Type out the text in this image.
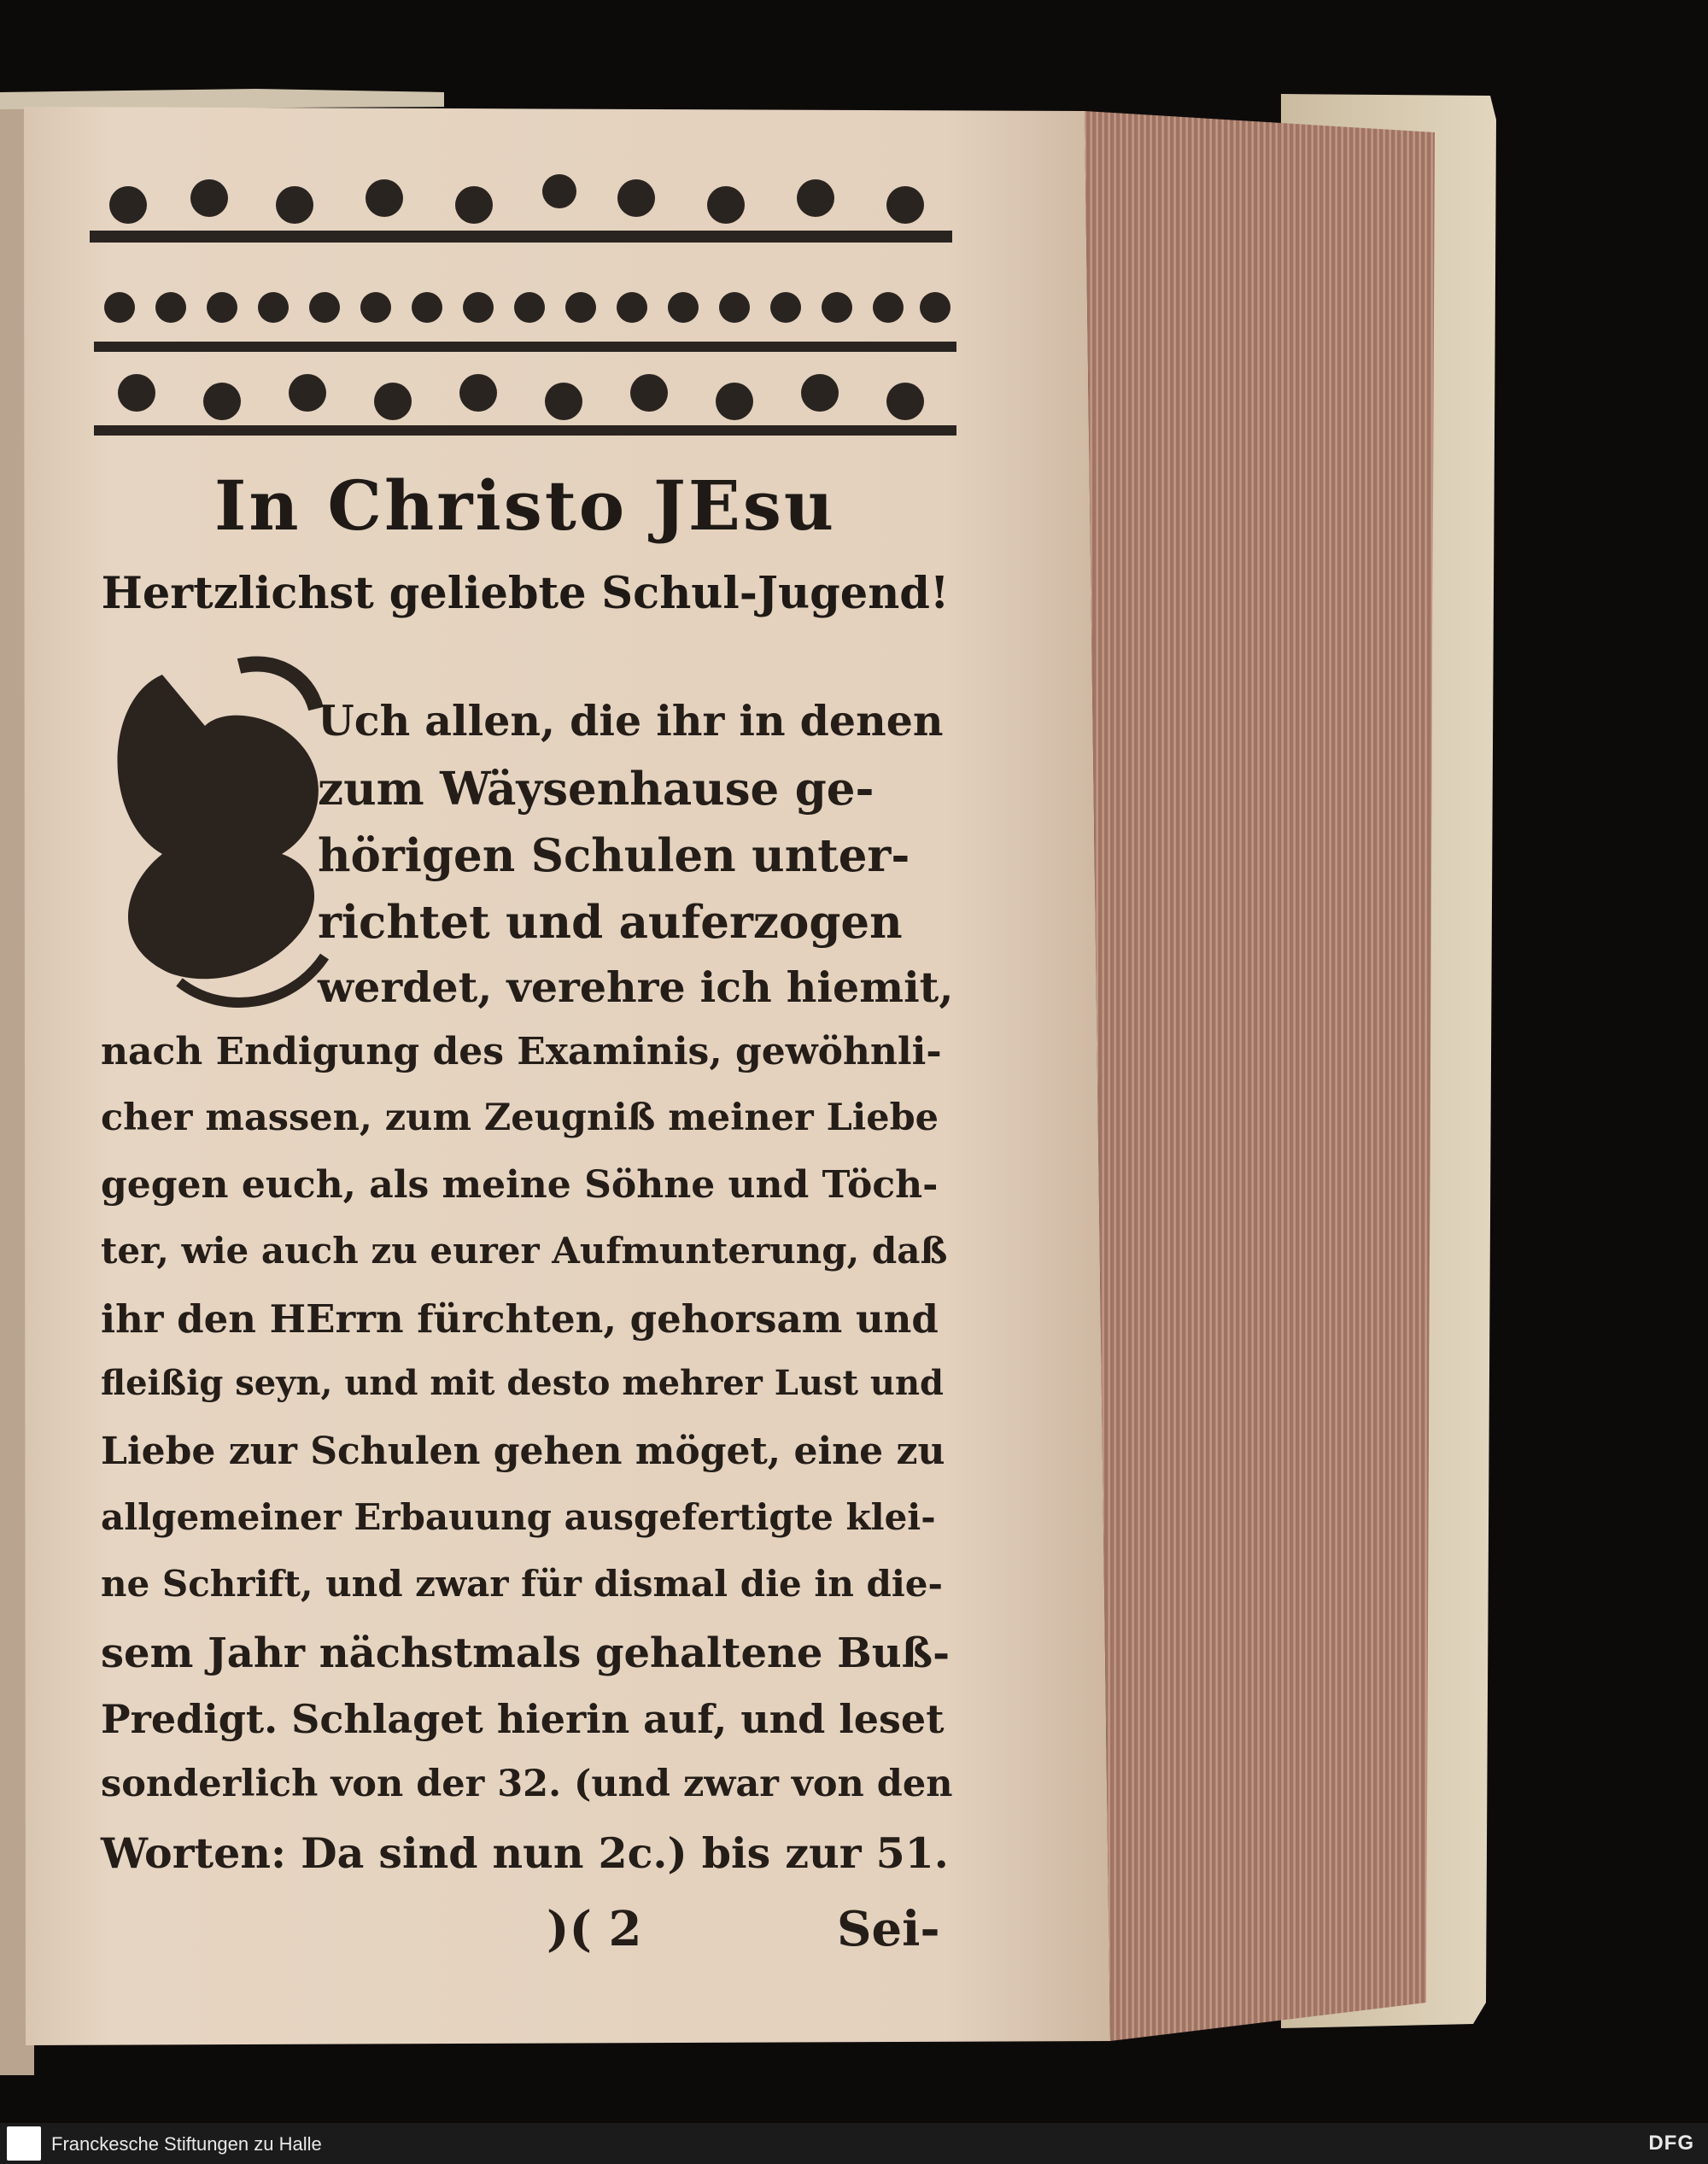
In Christo JEsu
Hertzlichst geliebte Schul-Jugend!
Uch allen, die ihr in denen
zum Wäysenhause ge-
hörigen Schulen unter-
richtet und auferzogen
werdet, verehre ich hiemit,
nach Endigung des Examinis, gewöhnli-
cher massen, zum Zeugniß meiner Liebe
gegen euch, als meine Söhne und Töch-
ter, wie auch zu eurer Aufmunterung, daß
ihr den HErrn fürchten, gehorsam und
fleißig seyn, und mit desto mehrer Lust und
Liebe zur Schulen gehen möget, eine zu
allgemeiner Erbauung ausgefertigte klei-
ne Schrift, und zwar für dismal die in die-
sem Jahr nächstmals gehaltene Buß-
Predigt. Schlaget hierin auf, und leset
sonderlich von der 32. (und zwar von den
Worten: Da sind nun 2c.) bis zur 51.
)( 2	Sei-
Franckesche Stiftungen zu Halle	DFG
